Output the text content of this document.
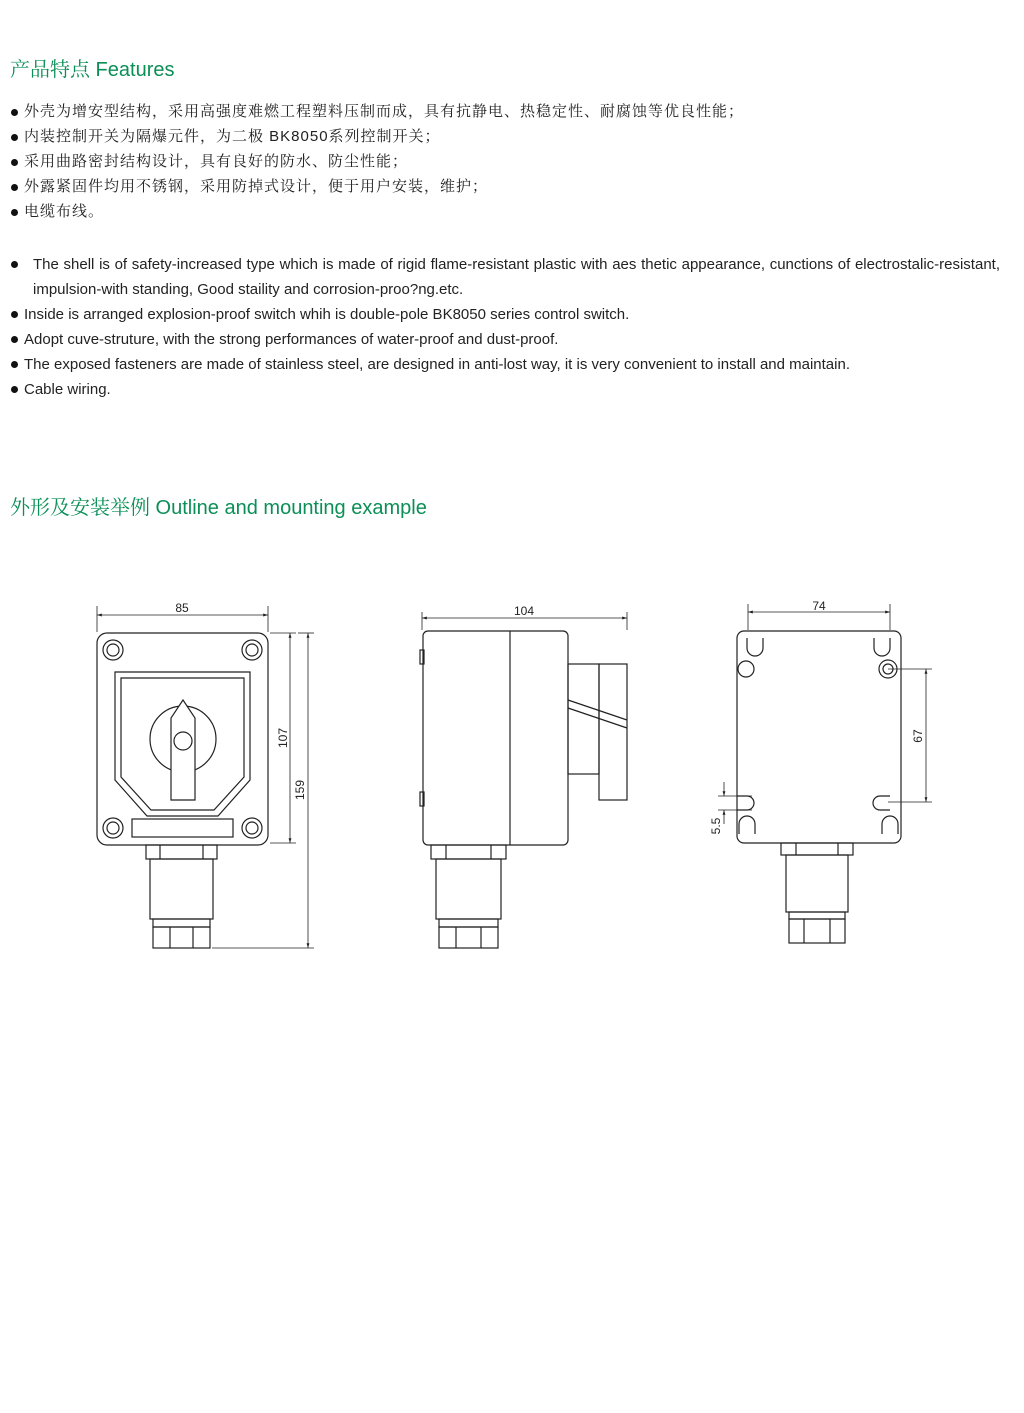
产品特点 Features
外壳为增安型结构，采用高强度难燃工程塑料压制而成，具有抗静电、热稳定性、耐腐蚀等优良性能；
内装控制开关为隔爆元件，为二极 BK8050系列控制开关；
采用曲路密封结构设计，具有良好的防水、防尘性能；
外露紧固件均用不锈钢，采用防掉式设计，便于用户安装，维护；
电缆布线。
The shell is of safety-increased type which is made of rigid flame-resistant plastic with aes thetic appearance, cunctions of electrostalic-resistant, impulsion-with standing, Good staility and corrosion-proo?ng.etc.
Inside is arranged explosion-proof switch whih is double-pole BK8050 series control switch.
Adopt cuve-struture, with the strong performances of water-proof and dust-proof.
The exposed fasteners are made of stainless steel, are designed in anti-lost way, it is very convenient to install and maintain.
Cable wiring.
外形及安装举例 Outline and mounting example
85
107
159
104	74
67
5.5
